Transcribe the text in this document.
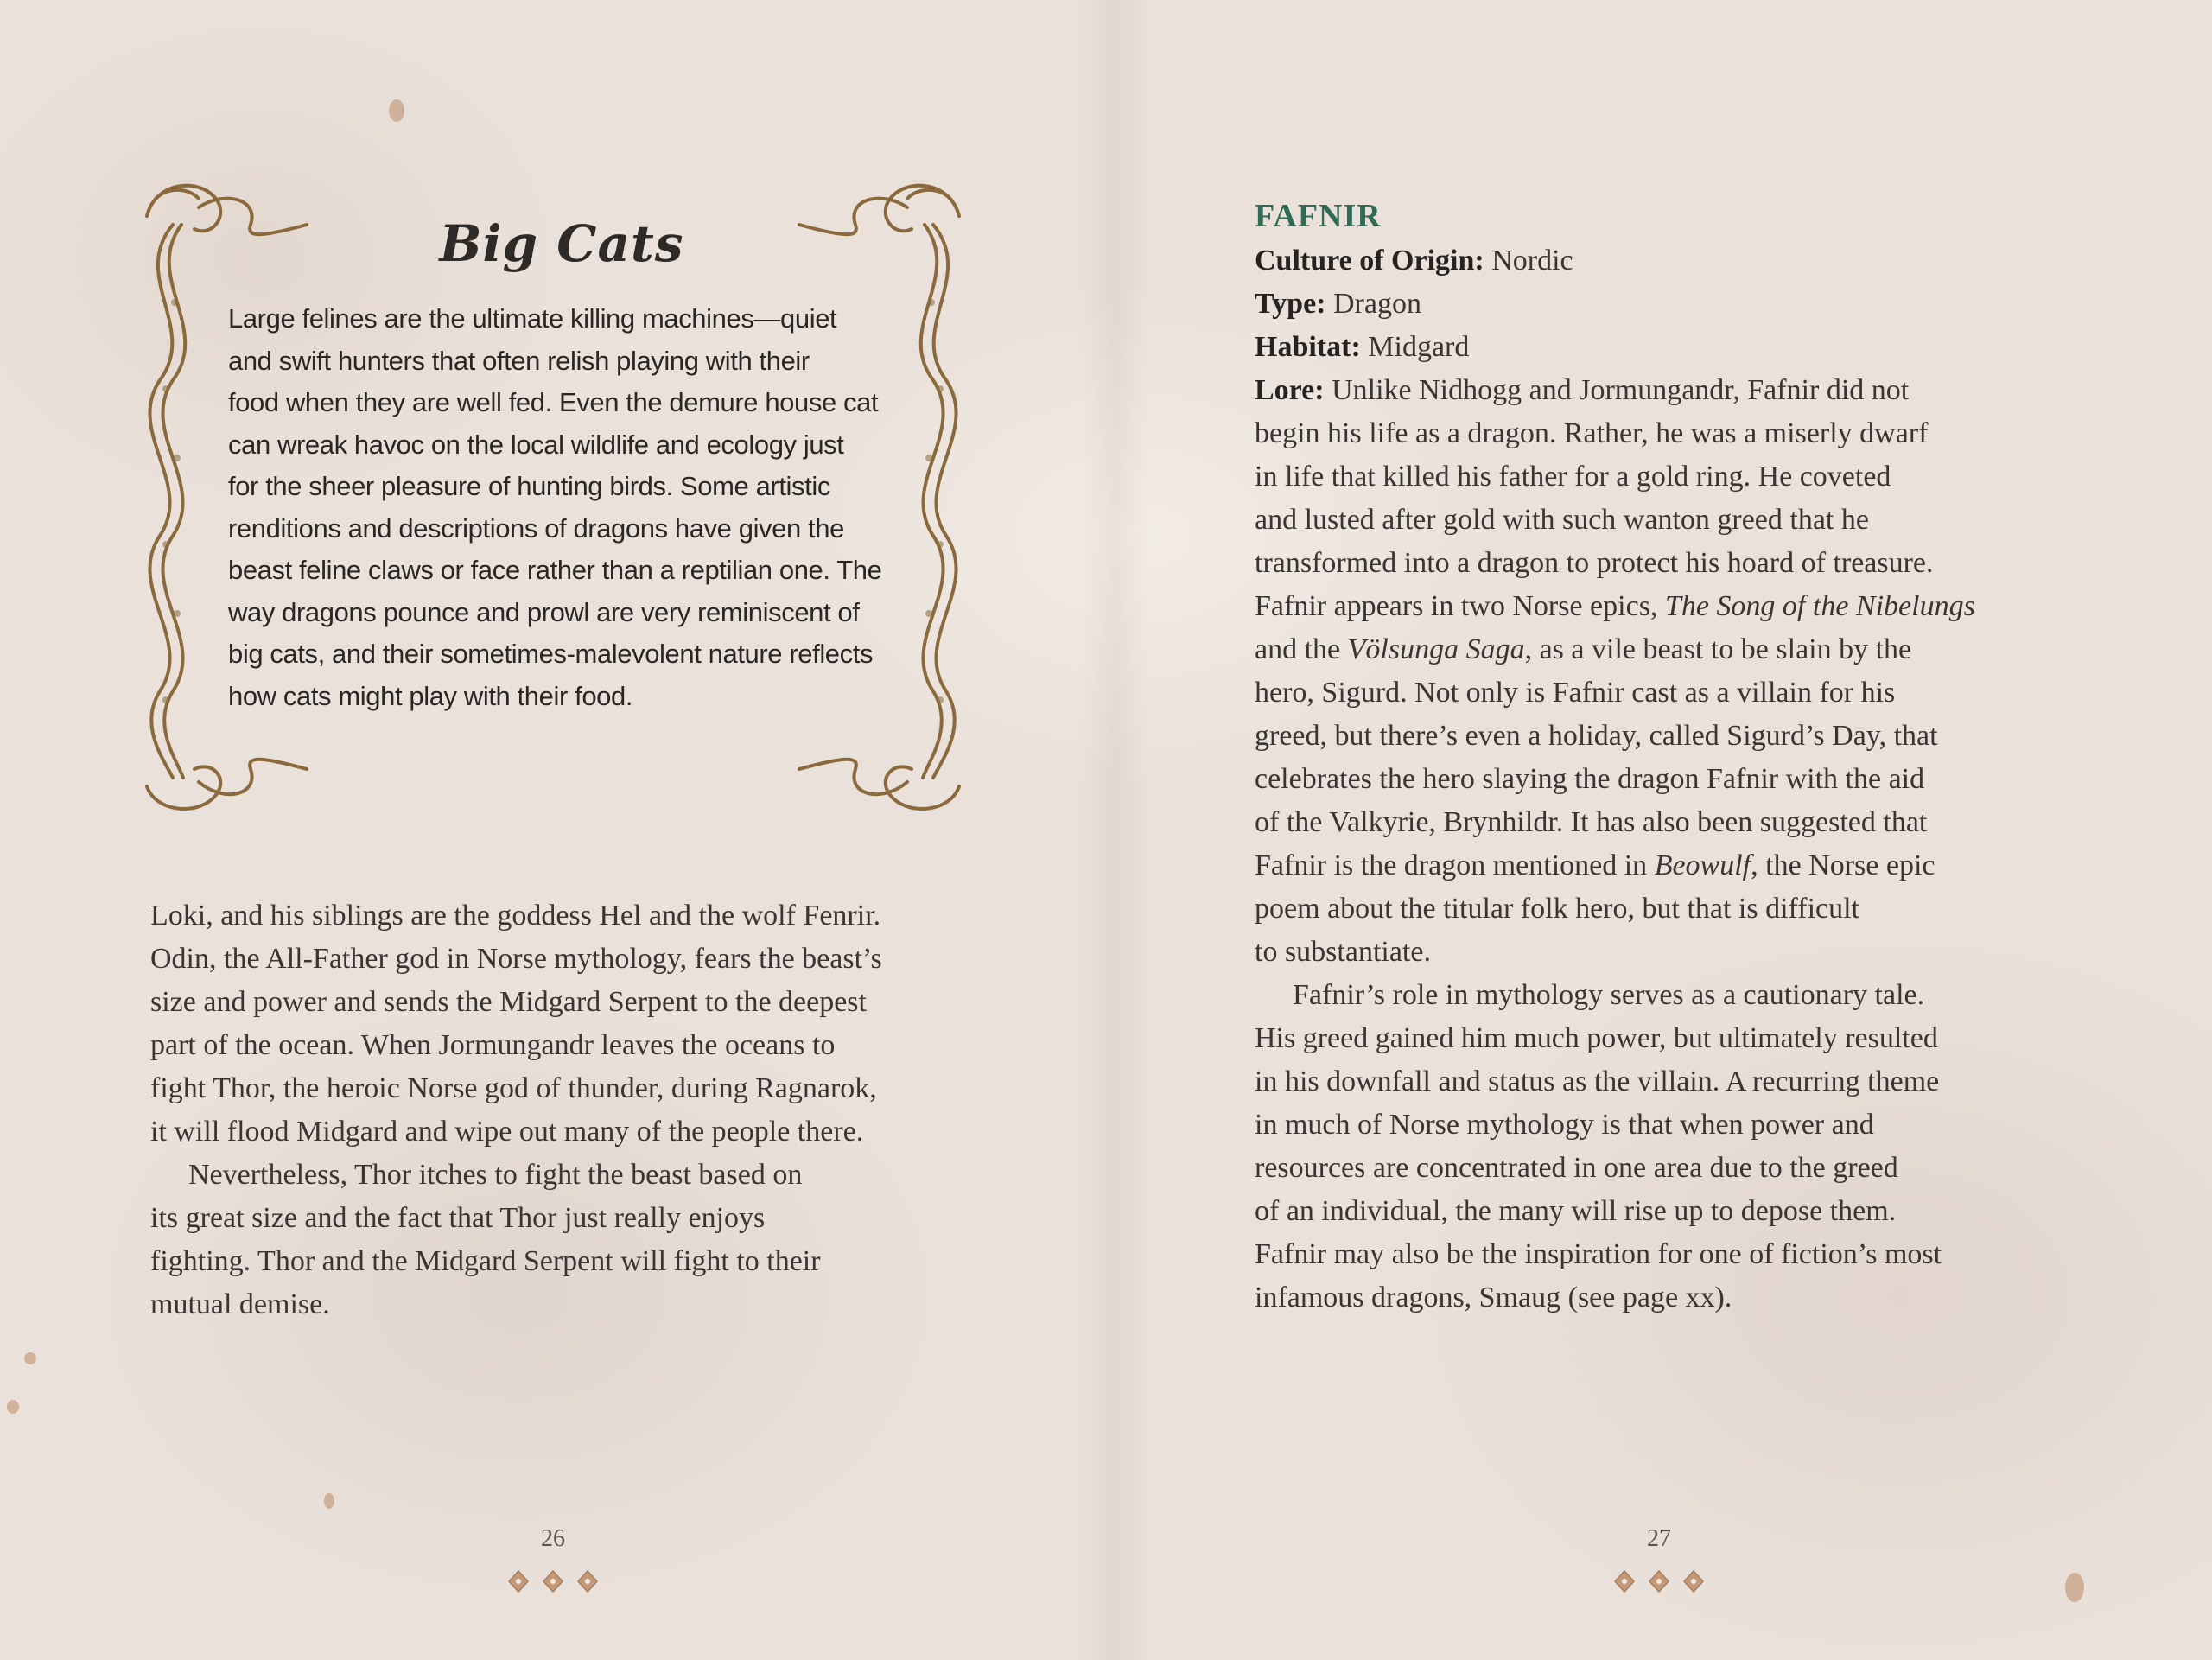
Big Cats
Large felines are the ultimate killing machines—quiet
and swift hunters that often relish playing with their
food when they are well fed. Even the demure house cat
can wreak havoc on the local wildlife and ecology just
for the sheer pleasure of hunting birds. Some artistic
renditions and descriptions of dragons have given the
beast feline claws or face rather than a reptilian one. The
way dragons pounce and prowl are very reminiscent of
big cats, and their sometimes-malevolent nature reflects
how cats might play with their food.
Loki, and his siblings are the goddess Hel and the wolf Fenrir.
Odin, the All-Father god in Norse mythology, fears the beast’s
size and power and sends the Midgard Serpent to the deepest
part of the ocean. When Jormungandr leaves the oceans to
fight Thor, the heroic Norse god of thunder, during Ragnarok,
it will flood Midgard and wipe out many of the people there.
Nevertheless, Thor itches to fight the beast based on
its great size and the fact that Thor just really enjoys
fighting. Thor and the Midgard Serpent will fight to their
mutual demise.
FAFNIR
Culture of Origin: Nordic
Type: Dragon
Habitat: Midgard
Lore: Unlike Nidhogg and Jormungandr, Fafnir did not
begin his life as a dragon. Rather, he was a miserly dwarf
in life that killed his father for a gold ring. He coveted
and lusted after gold with such wanton greed that he
transformed into a dragon to protect his hoard of treasure.
Fafnir appears in two Norse epics, The Song of the Nibelungs
and the Völsunga Saga, as a vile beast to be slain by the
hero, Sigurd. Not only is Fafnir cast as a villain for his
greed, but there’s even a holiday, called Sigurd’s Day, that
celebrates the hero slaying the dragon Fafnir with the aid
of the Valkyrie, Brynhildr. It has also been suggested that
Fafnir is the dragon mentioned in Beowulf, the Norse epic
poem about the titular folk hero, but that is difficult
to substantiate.
Fafnir’s role in mythology serves as a cautionary tale.
His greed gained him much power, but ultimately resulted
in his downfall and status as the villain. A recurring theme
in much of Norse mythology is that when power and
resources are concentrated in one area due to the greed
of an individual, the many will rise up to depose them.
Fafnir may also be the inspiration for one of fiction’s most
infamous dragons, Smaug (see page xx).
26	27
